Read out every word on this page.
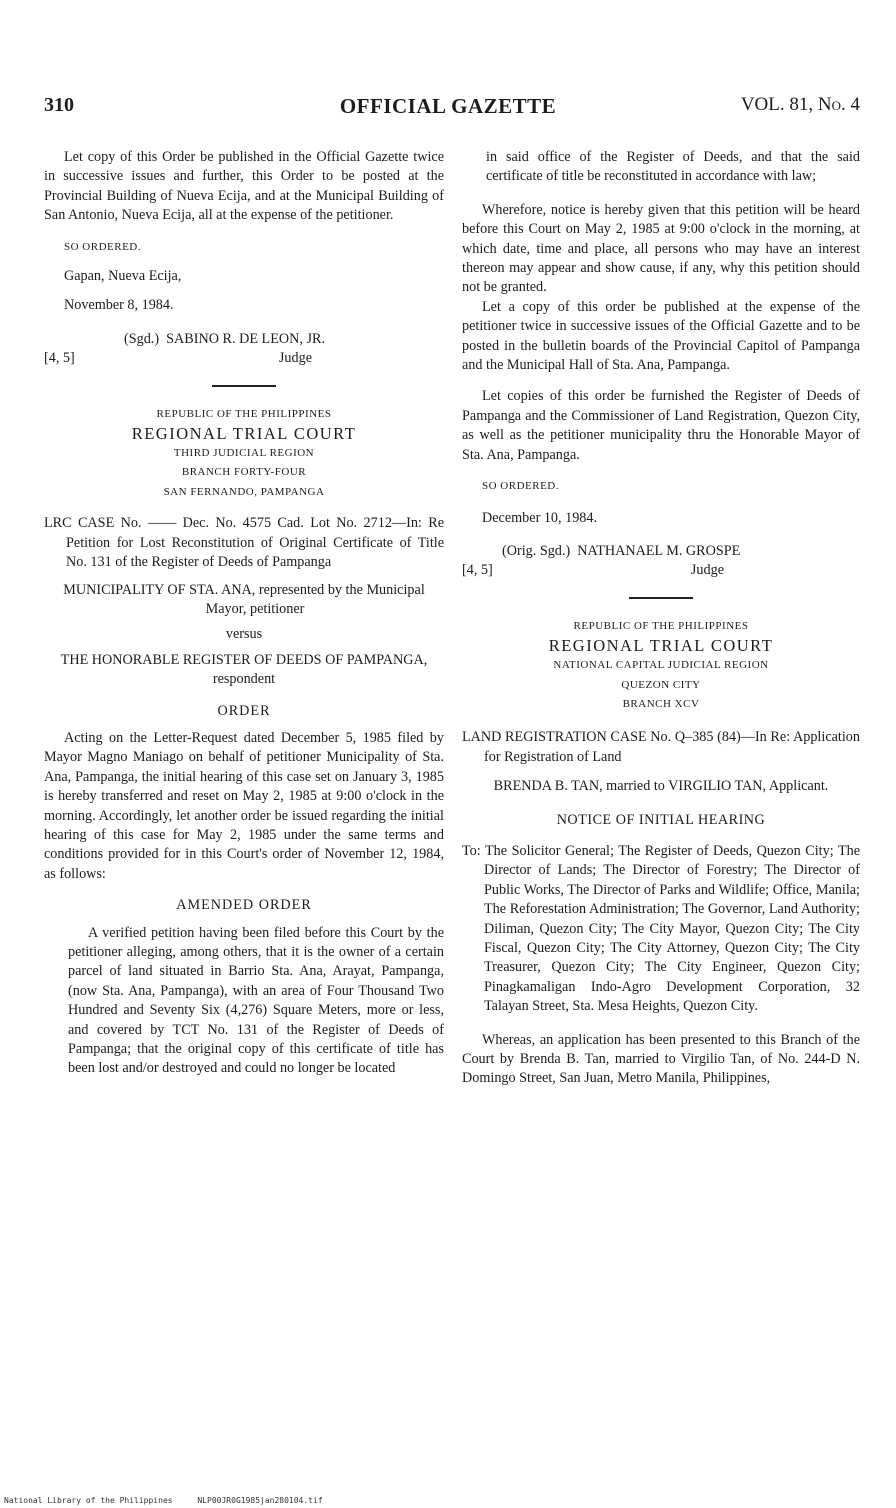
310	OFFICIAL GAZETTE	VOL. 81, No. 4

Let copy of this Order be published in the Official Gazette twice in successive issues and further, this Order to be posted at the Provincial Building of Nueva Ecija, and at the Municipal Building of San Antonio, Nueva Ecija, all at the expense of the petitioner.

SO ORDERED.

Gapan, Nueva Ecija,

November 8, 1984.

(Sgd.) SABINO R. DE LEON, JR.
[4, 5]	Judge

REPUBLIC OF THE PHILIPPINES

REGIONAL TRIAL COURT

THIRD JUDICIAL REGION

BRANCH FORTY-FOUR

SAN FERNANDO, PAMPANGA

LRC CASE No. —— Dec. No. 4575 Cad. Lot No. 2712—In: Re Petition for Lost Reconstitution of Original Certificate of Title No. 131 of the Register of Deeds of Pampanga

MUNICIPALITY OF STA. ANA, represented by the Municipal Mayor, petitioner

versus

THE HONORABLE REGISTER OF DEEDS OF PAMPANGA, respondent

ORDER

Acting on the Letter-Request dated December 5, 1985 filed by Mayor Magno Maniago on behalf of petitioner Municipality of Sta. Ana, Pampanga, the initial hearing of this case set on January 3, 1985 is hereby transferred and reset on May 2, 1985 at 9:00 o'clock in the morning. Accordingly, let another order be issued regarding the initial hearing of this case for May 2, 1985 under the same terms and conditions provided for in this Court's order of November 12, 1984, as follows:

AMENDED ORDER

A verified petition having been filed before this Court by the petitioner alleging, among others, that it is the owner of a certain parcel of land situated in Barrio Sta. Ana, Arayat, Pampanga, (now Sta. Ana, Pampanga), with an area of Four Thousand Two Hundred and Seventy Six (4,276) Square Meters, more or less, and covered by TCT No. 131 of the Register of Deeds of Pampanga; that the original copy of this certificate of title has been lost and/or destroyed and could no longer be located

in said office of the Register of Deeds, and that the said certificate of title be reconstituted in accordance with law;

Wherefore, notice is hereby given that this petition will be heard before this Court on May 2, 1985 at 9:00 o'clock in the morning, at which date, time and place, all persons who may have an interest thereon may appear and show cause, if any, why this petition should not be granted.

Let a copy of this order be published at the expense of the petitioner twice in successive issues of the Official Gazette and to be posted in the bulletin boards of the Provincial Capitol of Pampanga and the Municipal Hall of Sta. Ana, Pampanga.

Let copies of this order be furnished the Register of Deeds of Pampanga and the Commissioner of Land Registration, Quezon City, as well as the petitioner municipality thru the Honorable Mayor of Sta. Ana, Pampanga.

SO ORDERED.

December 10, 1984.

(Orig. Sgd.) NATHANAEL M. GROSPE
[4, 5]	Judge

REPUBLIC OF THE PHILIPPINES

REGIONAL TRIAL COURT

NATIONAL CAPITAL JUDICIAL REGION

QUEZON CITY

BRANCH XCV

LAND REGISTRATION CASE No. Q–385 (84)—In Re: Application for Registration of Land

BRENDA B. TAN, married to VIRGILIO TAN, Applicant.

NOTICE OF INITIAL HEARING

To: The Solicitor General; The Register of Deeds, Quezon City; The Director of Lands; The Director of Forestry; The Director of Public Works, The Director of Parks and Wildlife; Office, Manila; The Reforestation Administration; The Governor, Land Authority; Diliman, Quezon City; The City Mayor, Quezon City; The City Fiscal, Quezon City; The City Attorney, Quezon City; The City Treasurer, Quezon City; The City Engineer, Quezon City; Pinagkamaligan Indo-Agro Development Corporation, 32 Talayan Street, Sta. Mesa Heights, Quezon City.

Whereas, an application has been presented to this Branch of the Court by Brenda B. Tan, married to Virgilio Tan, of No. 244-D N. Domingo Street, San Juan, Metro Manila, Philippines,

National Library of the Philippines	NLP00JR0G1985jan280104.tif
